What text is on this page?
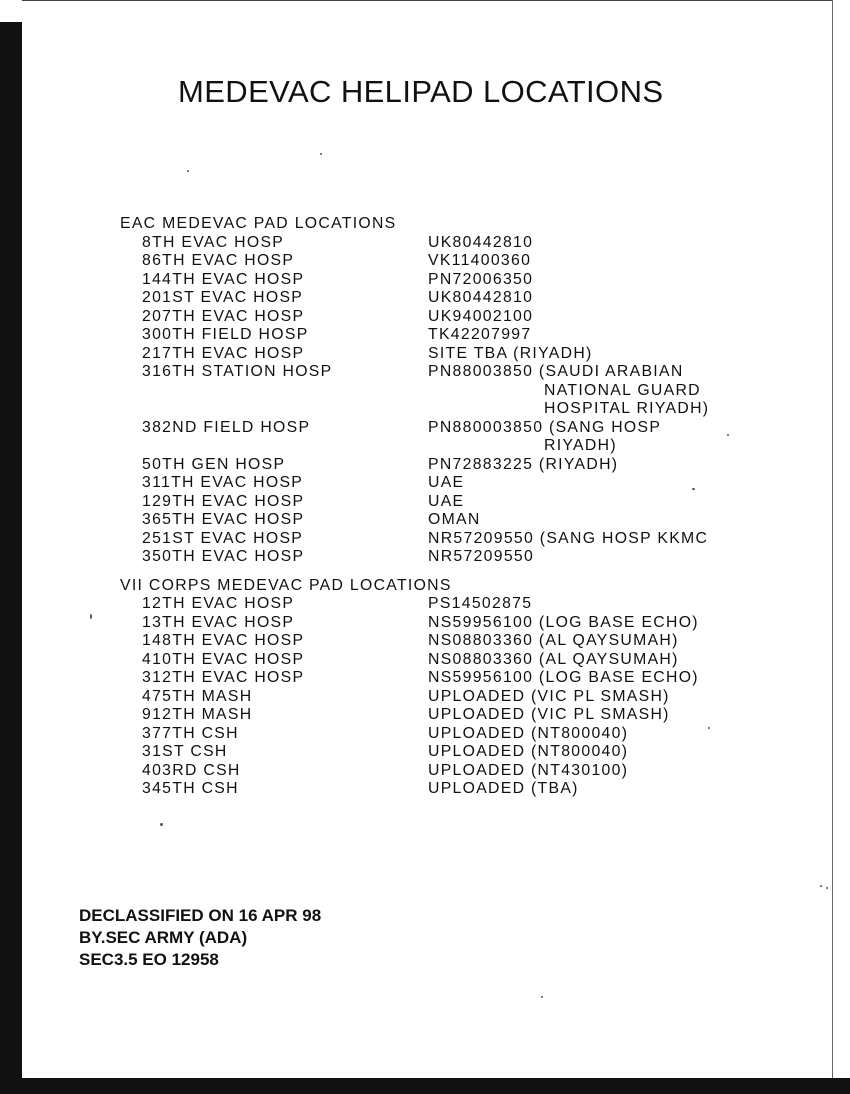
MEDEVAC HELIPAD LOCATIONS
EAC MEDEVAC PAD LOCATIONS
8TH EVAC HOSP	UK80442810
86TH EVAC HOSP	VK11400360
144TH EVAC HOSP	PN72006350
201ST EVAC HOSP	UK80442810
207TH EVAC HOSP	UK94002100
300TH FIELD HOSP	TK42207997
217TH EVAC HOSP	SITE TBA (RIYADH)
316TH STATION HOSP	PN88003850 (SAUDI ARABIAN
NATIONAL GUARD
HOSPITAL RIYADH)
382ND FIELD HOSP	PN880003850 (SANG HOSP
RIYADH)
50TH GEN HOSP	PN72883225 (RIYADH)
311TH EVAC HOSP	UAE
129TH EVAC HOSP	UAE
365TH EVAC HOSP	OMAN
251ST EVAC HOSP	NR57209550 (SANG HOSP KKMC
350TH EVAC HOSP	NR57209550
VII CORPS MEDEVAC PAD LOCATIONS
12TH EVAC HOSP	PS14502875
13TH EVAC HOSP	NS59956100 (LOG BASE ECHO)
148TH EVAC HOSP	NS08803360 (AL QAYSUMAH)
410TH EVAC HOSP	NS08803360 (AL QAYSUMAH)
312TH EVAC HOSP	NS59956100 (LOG BASE ECHO)
475TH MASH	UPLOADED (VIC PL SMASH)
912TH MASH	UPLOADED (VIC PL SMASH)
377TH CSH	UPLOADED (NT800040)
31ST CSH	UPLOADED (NT800040)
403RD CSH	UPLOADED (NT430100)
345TH CSH	UPLOADED (TBA)
DECLASSIFIED ON 16 APR 98
BY.SEC ARMY (ADA)
SEC3.5 EO 12958
